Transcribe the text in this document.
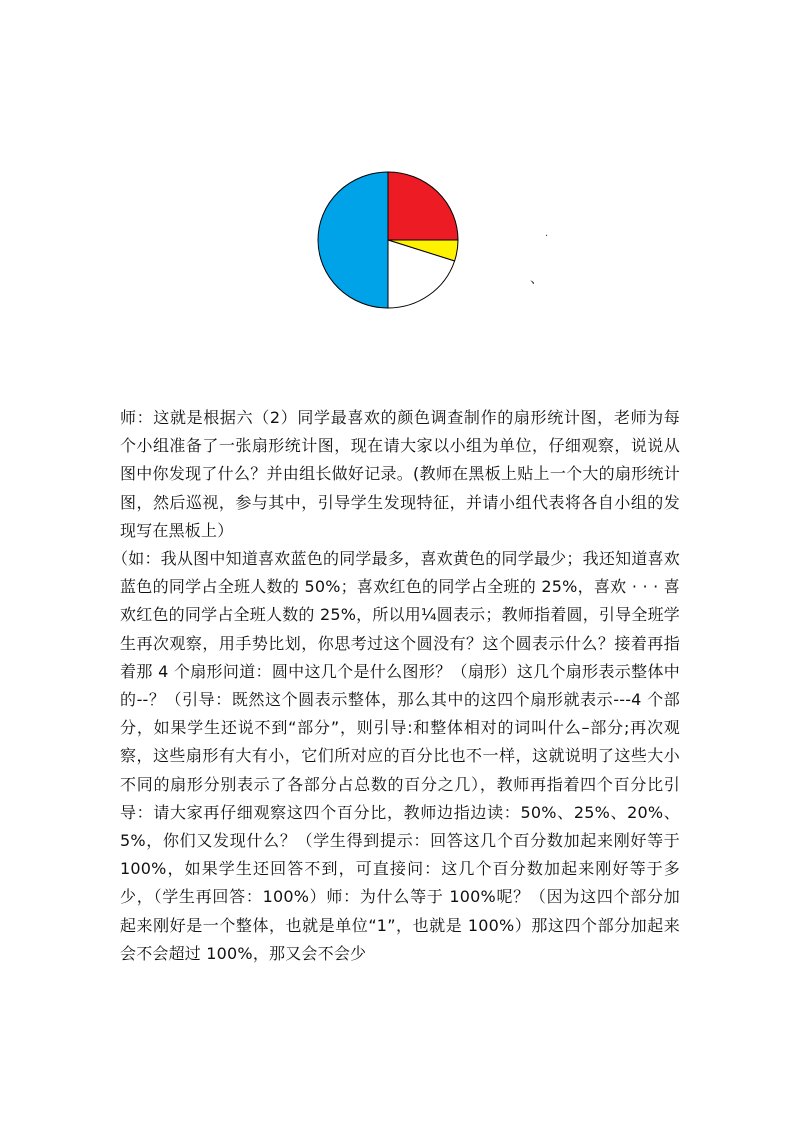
·
、

师：这就是根据六（2）同学最喜欢的颜色调查制作的扇形统计图，老师为每个小组准备了一张扇形统计图，现在请大家以小组为单位，仔细观察，说说从图中你发现了什么？并由组长做好记录。(教师在黑板上贴上一个大的扇形统计图，然后巡视，参与其中，引导学生发现特征，并请小组代表将各自小组的发现写在黑板上）

（如：我从图中知道喜欢蓝色的同学最多，喜欢黄色的同学最少；我还知道喜欢蓝色的同学占全班人数的 50%；喜欢红色的同学占全班的 25%，喜欢 · · · 喜欢红色的同学占全班人数的 25%，所以用¼圆表示；教师指着圆，引导全班学生再次观察，用手势比划，你思考过这个圆没有？这个圆表示什么？接着再指着那 4 个扇形问道：圆中这几个是什么图形？（扇形）这几个扇形表示整体中的--？（引导：既然这个圆表示整体，那么其中的这四个扇形就表示---4 个部分，如果学生还说不到“部分”，则引导:和整体相对的词叫什么–部分;再次观察，这些扇形有大有小，它们所对应的百分比也不一样，这就说明了这些大小不同的扇形分别表示了各部分占总数的百分之几），教师再指着四个百分比引导：请大家再仔细观察这四个百分比，教师边指边读：50%、25%、20%、5%，你们又发现什么？（学生得到提示：回答这几个百分数加起来刚好等于 100%，如果学生还回答不到，可直接问：这几个百分数加起来刚好等于多少，（学生再回答：100%）师：为什么等于 100%呢？（因为这四个部分加起来刚好是一个整体，也就是单位“1”，也就是 100%）那这四个部分加起来会不会超过 100%，那又会不会少
